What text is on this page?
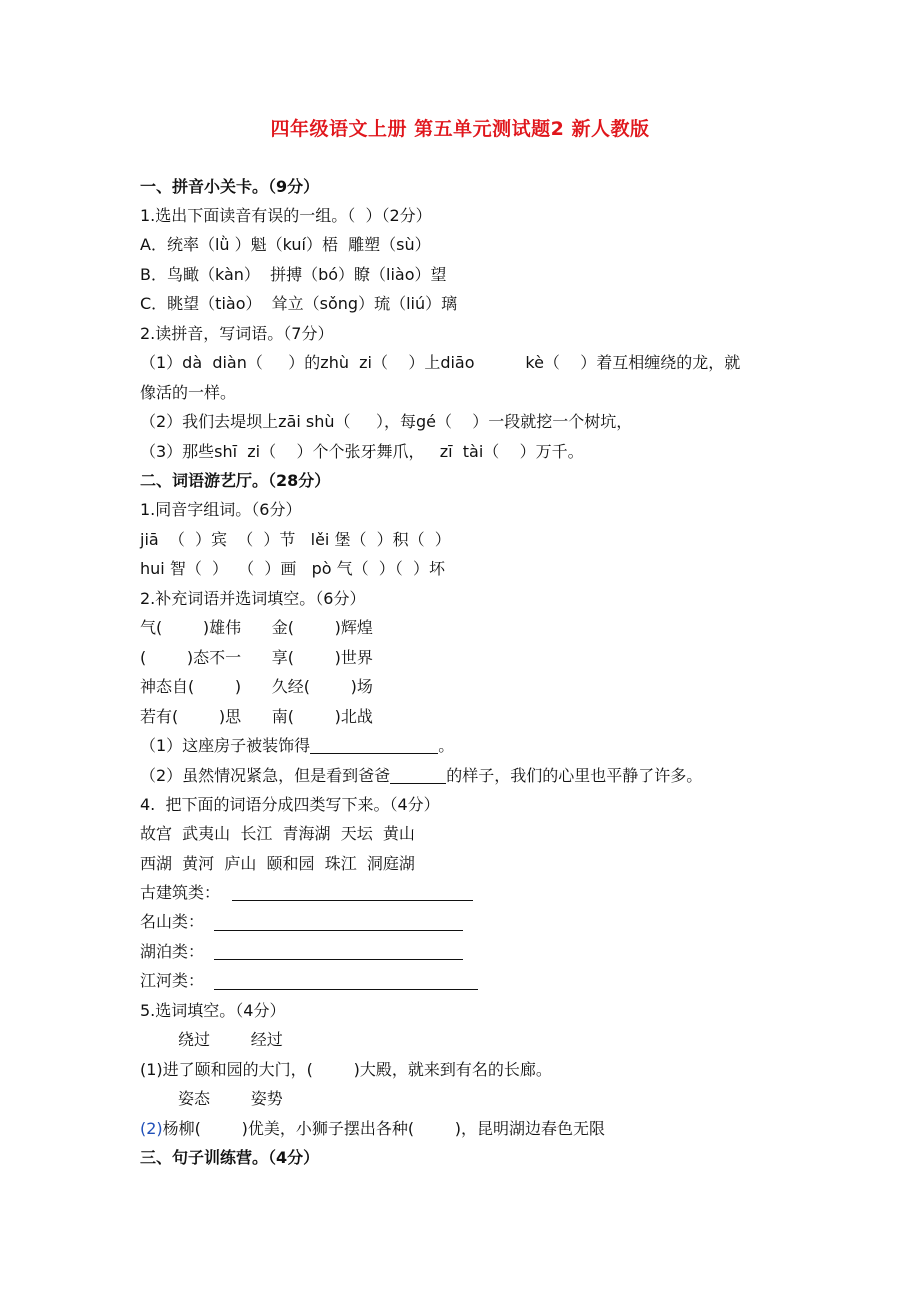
四年级语文上册 第五单元测试题2 新人教版
一、拼音小关卡。（9分）
1.选出下面读音有误的一组。（  ）（2分）
A．统率（lǜ ）魁（kuí）梧  雕塑（sù）
B．鸟瞰（kàn）  拼搏（bó）瞭（liào）望
C．眺望（tiào）  耸立（sǒng）琉（liú）璃
2.读拼音，写词语。（7分）
（1）dà  diàn（     ）的zhù  zi（    ）上diāo          kè（    ）着互相缠绕的龙，就
像活的一样。
（2）我们去堤坝上zāi shù（     ），每gé（    ）一段就挖一个树坑，
（3）那些shī  zi（    ）个个张牙舞爪，   zī  tài（    ）万千。
二、词语游艺厅。（28分）
1.同音字组词。（6分）
jiā  （  ）宾  （  ）节   lěi 堡（  ）积（  ）
hui 智（  ）  （  ）画   pò 气（  ）（  ）坏
2.补充词语并选词填空。（6分）
气(        )雄伟      金(        )辉煌
(        )态不一      享(        )世界
神态自(        )      久经(        )场
若有(        )思      南(        )北战
（1）这座房子被装饰得	。
（2）虽然情况紧急，但是看到爸爸	的样子，我们的心里也平静了许多。
4.  把下面的词语分成四类写下来。（4分）
故宫  武夷山  长江  青海湖  天坛  黄山
西湖  黄河  庐山  颐和园  珠江  洞庭湖
古建筑类：
名山类：
湖泊类：
江河类：
5.选词填空。（4分）
绕过        经过
(1)进了颐和园的大门，(        )大殿，就来到有名的长廊。
姿态        姿势
(2)杨柳(        )优美，小狮子摆出各种(        )，昆明湖边春色无限
三、句子训练营。（4分）
